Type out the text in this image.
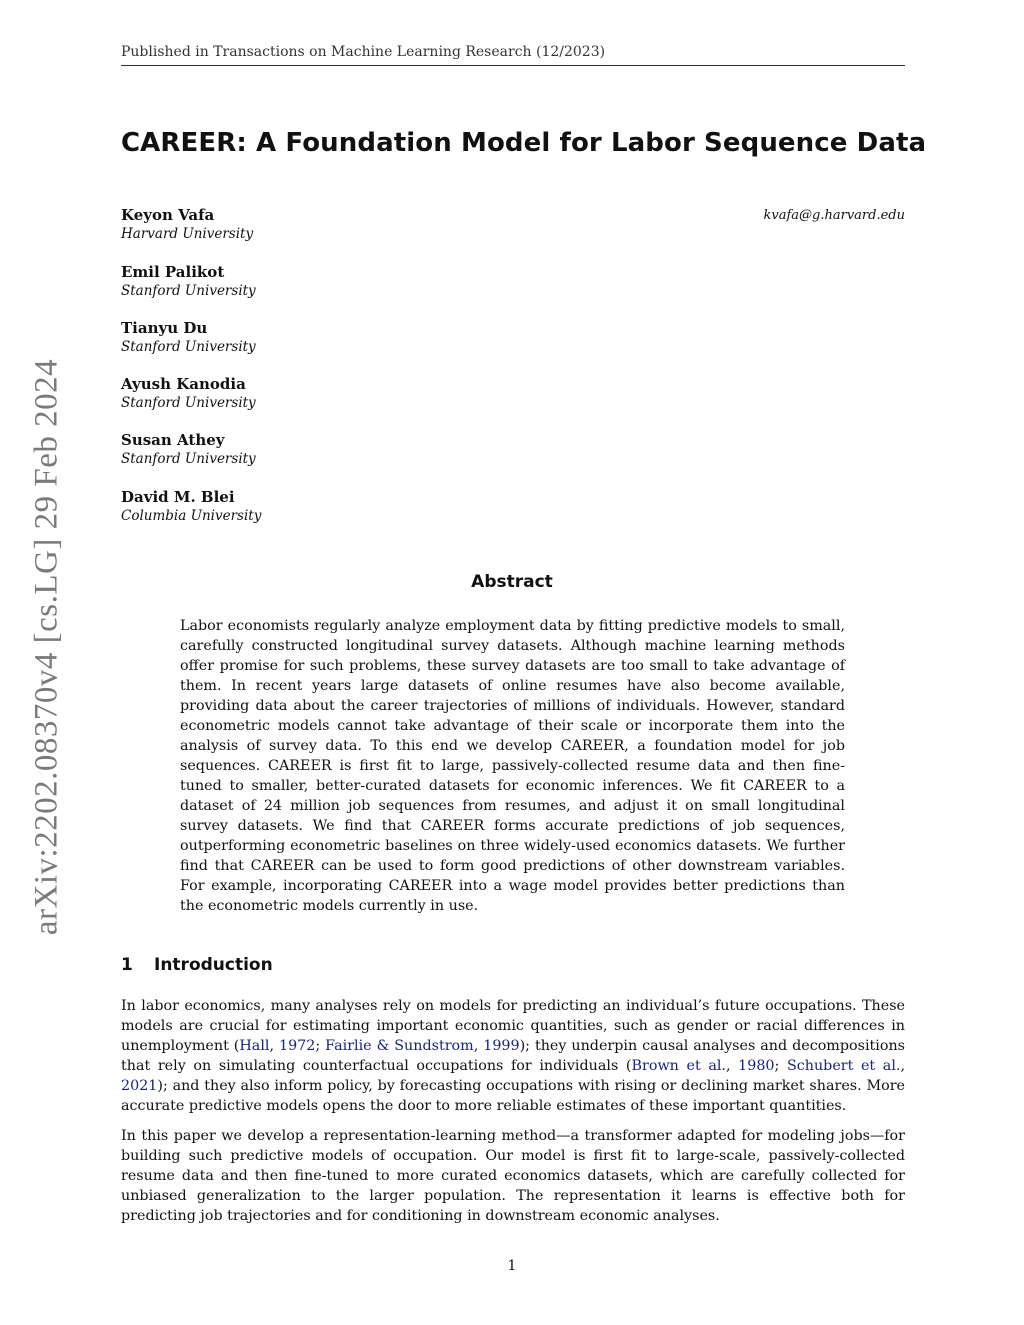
Published in Transactions on Machine Learning Research (12/2023)
arXiv:2202.08370v4 [cs.LG] 29 Feb 2024
CAREER: A Foundation Model for Labor Sequence Data
kvafa@g.harvard.edu
Keyon Vafa
Harvard University
Emil Palikot
Stanford University
Tianyu Du
Stanford University
Ayush Kanodia
Stanford University
Susan Athey
Stanford University
David M. Blei
Columbia University
Abstract

Labor economists regularly analyze employment data by fitting predictive models to small, carefully constructed longitudinal survey datasets. Although machine learning methods offer promise for such problems, these survey datasets are too small to take advantage of them. In recent years large datasets of online resumes have also become available, providing data about the career trajectories of millions of individuals. However, standard econometric models cannot take advantage of their scale or incorporate them into the analysis of survey data. To this end we develop CAREER, a foundation model for job sequences. CAREER is first fit to large, passively-collected resume data and then fine-tuned to smaller, better-curated datasets for economic inferences. We fit CAREER to a dataset of 24 million job sequences from resumes, and adjust it on small longitudinal survey datasets. We find that CAREER forms accurate predictions of job sequences, outperforming econometric baselines on three widely-used economics datasets. We further find that CAREER can be used to form good predictions of other downstream variables. For example, incorporating CAREER into a wage model provides better predictions than the econometric models currently in use.

1 Introduction

In labor economics, many analyses rely on models for predicting an individual’s future occupations. These models are crucial for estimating important economic quantities, such as gender or racial differences in unemployment (Hall, 1972; Fairlie & Sundstrom, 1999); they underpin causal analyses and decompositions that rely on simulating counterfactual occupations for individuals (Brown et al., 1980; Schubert et al., 2021); and they also inform policy, by forecasting occupations with rising or declining market shares. More accurate predictive models opens the door to more reliable estimates of these important quantities.

In this paper we develop a representation-learning method—a transformer adapted for modeling jobs—for building such predictive models of occupation. Our model is first fit to large-scale, passively-collected resume data and then fine-tuned to more curated economics datasets, which are carefully collected for unbiased generalization to the larger population. The representation it learns is effective both for predicting job trajectories and for conditioning in downstream economic analyses.

1
